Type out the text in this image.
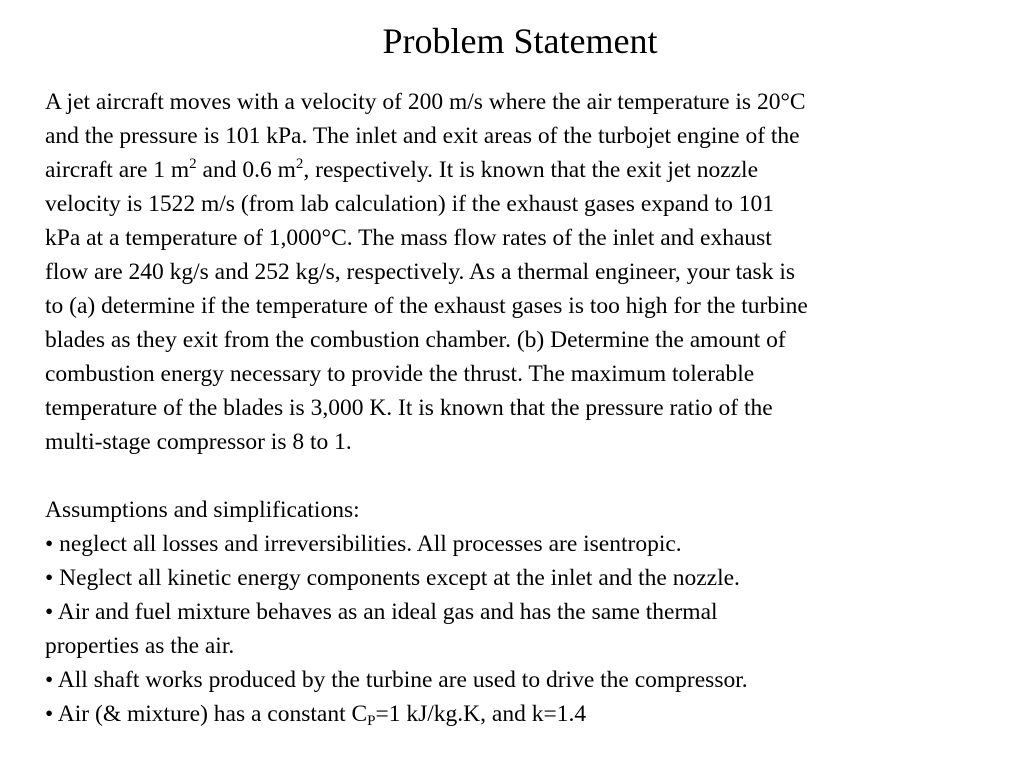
Problem Statement
A jet aircraft moves with a velocity of 200 m/s where the air temperature is 20°C
and the pressure is 101 kPa. The inlet and exit areas of the turbojet engine of the
aircraft are 1 $m^2$ and 0.6 $m^2$, respectively. It is known that the exit jet nozzle
velocity is 1522 m/s (from lab calculation) if the exhaust gases expand to 101
kPa at a temperature of 1,000°C. The mass flow rates of the inlet and exhaust
flow are 240 kg/s and 252 kg/s, respectively. As a thermal engineer, your task is
to (a) determine if the temperature of the exhaust gases is too high for the turbine
blades as they exit from the combustion chamber. (b) Determine the amount of
combustion energy necessary to provide the thrust. The maximum tolerable
temperature of the blades is 3,000 K. It is known that the pressure ratio of the
multi-stage compressor is 8 to 1.
Assumptions and simplifications:
• neglect all losses and irreversibilities. All processes are isentropic.
• Neglect all kinetic energy components except at the inlet and the nozzle.
• Air and fuel mixture behaves as an ideal gas and has the same thermal
properties as the air.
• All shaft works produced by the turbine are used to drive the compressor.
• Air (& mixture) has a constant $C_P=1$ kJ/kg.K, and k=1.4
